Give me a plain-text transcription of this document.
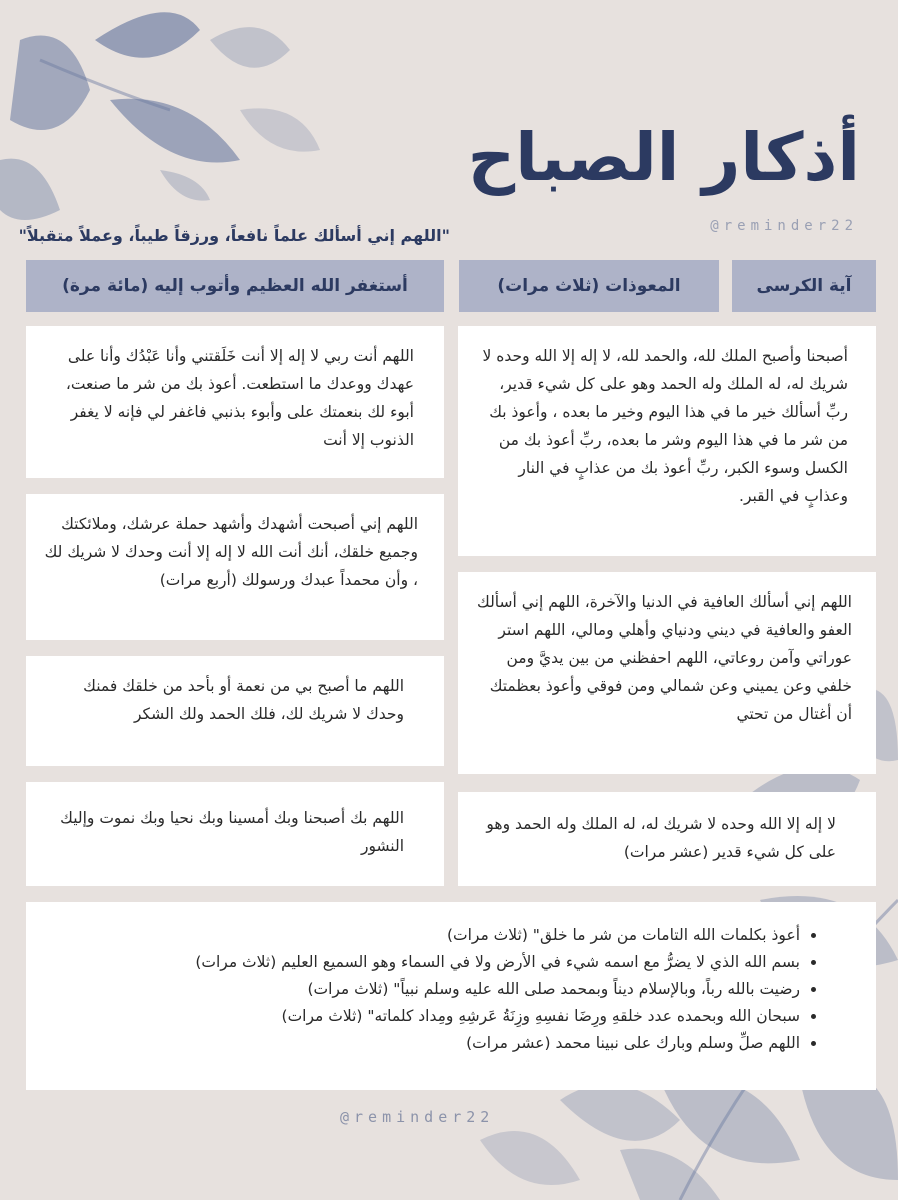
أذكار الصباح
@reminder22
"اللهم إني أسألك علماً نافعاً، ورزقاً طيباً، وعملاً متقبلاً"
آية الكرسى
المعوذات (ثلاث مرات)
أستغفر الله العظيم وأتوب إليه (مائة مرة)

أصبحنا وأصبح الملك لله، والحمد لله، لا إله إلا الله وحده لا شريك له، له الملك وله الحمد وهو على كل شيء قدير، ربِّ أسألك خير ما في هذا اليوم وخير ما بعده ، وأعوذ بك من شر ما في هذا اليوم وشر ما بعده، ربِّ أعوذ بك من الكسل وسوء الكبر، ربِّ أعوذ بك من عذابٍ في النار وعذابٍ في القبر.

اللهم إني أسألك العافية في الدنيا والآخرة، اللهم إني أسألك العفو والعافية في ديني ودنياي وأهلي ومالي، اللهم استر عوراتي وآمن روعاتي، اللهم احفظني من بين يديَّ ومن خلفي وعن يميني وعن شمالي ومن فوقي وأعوذ بعظمتك أن أغتال من تحتي

لا إله إلا الله وحده لا شريك له، له الملك وله الحمد وهو على كل شيء قدير (عشر مرات)

اللهم أنت ربي لا إله إلا أنت خَلَقتني وأنا عَبْدُك وأنا على عهدك ووعدك ما استطعت. أعوذ بك من شر ما صنعت، أبوء لك بنعمتك على وأبوء بذنبي فاغفر لي فإنه لا يغفر الذنوب إلا أنت

اللهم إني أصبحت أشهدك وأشهد حملة عرشك، وملائكتك وجميع خلقك، أنك أنت الله لا إله إلا أنت وحدك لا شريك لك ، وأن محمداً عبدك ورسولك (أربع مرات)

اللهم ما أصبح بي من نعمة أو بأحد من خلقك فمنك وحدك لا شريك لك، فلك الحمد ولك الشكر

اللهم بك أصبحنا وبك أمسينا وبك نحيا وبك نموت وإليك النشور

• أعوذ بكلمات الله التامات من شر ما خلق" (ثلاث مرات)
• بسم الله الذي لا يضرُّ مع اسمه شيء في الأرض ولا في السماء وهو السميع العليم (ثلاث مرات)
• رضيت بالله رباً، وبالإسلام ديناً وبمحمد صلى الله عليه وسلم نبياً" (ثلاث مرات)
• سبحان الله وبحمده عدد خلقهِ ورِضَا نفسِهِ وزِنَةُ عَرشِهِ ومِداد كلماته" (ثلاث مرات)
• اللهم صلِّ وسلم وبارك على نبينا محمد (عشر مرات)
@reminder22
